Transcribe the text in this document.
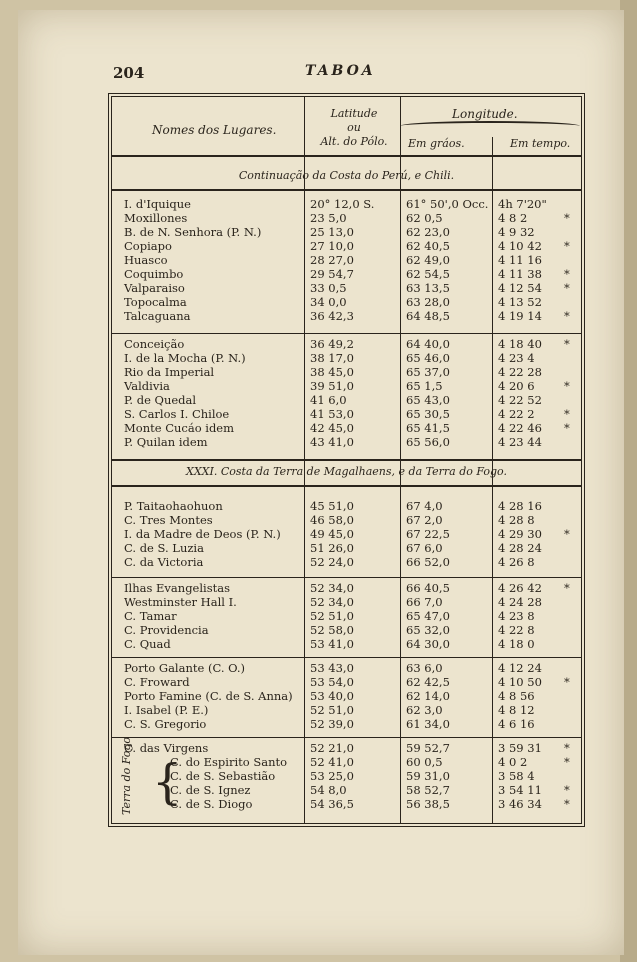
204	TABOA
Nomes dos Lugares.
Latitude
ou
Alt. do Pólo.
Longitude.
Em gráos.	Em tempo.
Continuação da Costa do Perú, e Chili.
XXXI. Costa da Terra de Magalhaens, e da Terra do Fogo.
Terra do Fogo {
I. d'Iquique	20° 12,0 S.	61° 50',0 Occ. 4h 7'20"
Moxillones	23 5,0	62 0,5	4 8 2	*
B. de N. Senhora (P. N.)	25 13,0	62 23,0	4 9 32
Copiapo	27 10,0	62 40,5	4 10 42 *
Huasco	28 27,0	62 49,0	4 11 16
Coquimbo	29 54,7	62 54,5	4 11 38 *
Valparaiso	33 0,5	63 13,5	4 12 54 *
Topocalma	34 0,0	63 28,0	4 13 52
Talcaguana	36 42,3	64 48,5	4 19 14 *
Conceição	36 49,2	64 40,0	4 18 40 *
I. de la Mocha (P. N.)	38 17,0	65 46,0	4 23 4
Rio da Imperial	38 45,0	65 37,0	4 22 28
Valdivia	39 51,0	65 1,5	4 20 6	*
P. de Quedal	41 6,0	65 43,0	4 22 52
S. Carlos I. Chiloe	41 53,0	65 30,5	4 22 2	*
Monte Cucáo idem	42 45,0	65 41,5	4 22 46 *
P. Quilan idem	43 41,0	65 56,0	4 23 44
P. Taitaohaohuon	45 51,0	67 4,0	4 28 16
C. Tres Montes	46 58,0	67 2,0	4 28 8
I. da Madre de Deos (P. N.)	49 45,0	67 22,5	4 29 30 *
C. de S. Luzia	51 26,0	67 6,0	4 28 24
C. da Victoria	52 24,0	66 52,0	4 26 8
Ilhas Evangelistas	52 34,0	66 40,5	4 26 42 *
Westminster Hall I.	52 34,0	66 7,0	4 24 28
C. Tamar	52 51,0	65 47,0	4 23 8
C. Providencia	52 58,0	65 32,0	4 22 8
C. Quad	53 41,0	64 30,0	4 18 0
Porto Galante (C. O.)	53 43,0	63 6,0	4 12 24
C. Froward	53 54,0	62 42,5	4 10 50 *
Porto Famine (C. de S. Anna) 53 40,0	62 14,0	4 8 56
I. Isabel (P. E.)	52 51,0	62 3,0	4 8 12
C. S. Gregorio	52 39,0	61 34,0	4 6 16
C. das Virgens	52 21,0	59 52,7	3 59 31 *
C. do Espirito Santo 52 41,0	60 0,5	4 0 2	*
C. de S. Sebastião	53 25,0	59 31,0	3 58 4
C. de S. Ignez	54 8,0	58 52,7	3 54 11 *
C. de S. Diogo	54 36,5	56 38,5	3 46 34 *
